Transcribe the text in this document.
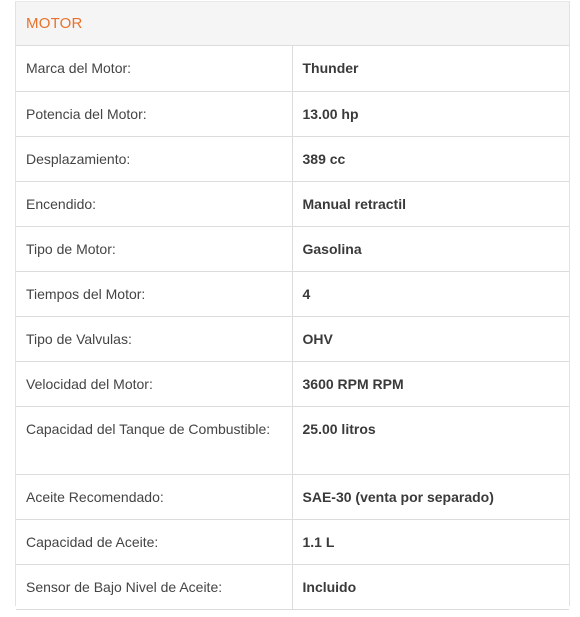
MOTOR
Marca del Motor:	Thunder
Potencia del Motor:	13.00 hp
Desplazamiento:	389 cc
Encendido:	Manual retractil
Tipo de Motor:	Gasolina
Tiempos del Motor:	4
Tipo de Valvulas:	OHV
Velocidad del Motor:	3600 RPM RPM
Capacidad del Tanque de Combustible:	25.00 litros
Aceite Recomendado:	SAE-30 (venta por separado)
Capacidad de Aceite:	1.1 L
Sensor de Bajo Nivel de Aceite:	Incluido
